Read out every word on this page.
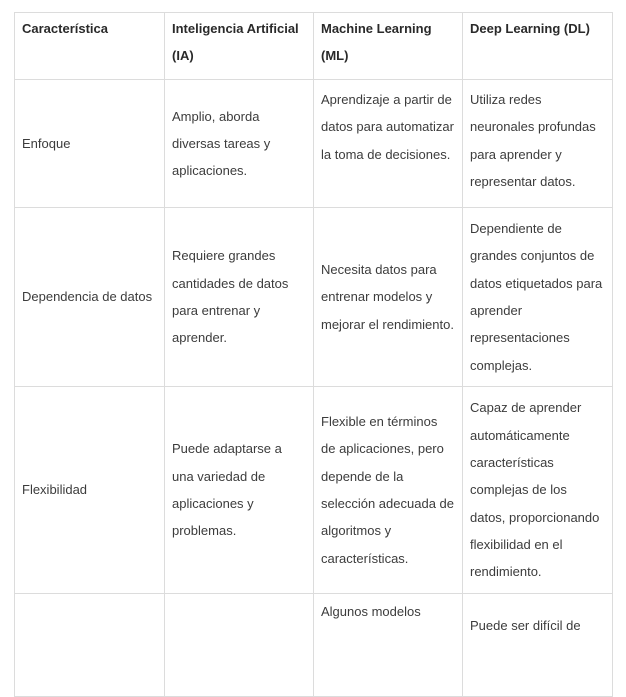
Característica	Inteligencia Artificial (IA)	Machine Learning (ML)	Deep Learning (DL)
Enfoque	Amplio, aborda diversas tareas y aplicaciones.	Aprendizaje a partir de datos para automatizar la toma de decisiones.	Utiliza redes neuronales profundas para aprender y representar datos.
Dependencia de datos	Requiere grandes cantidades de datos para entrenar y aprender.	Necesita datos para entrenar modelos y mejorar el rendimiento.	Dependiente de grandes conjuntos de datos etiquetados para aprender representaciones complejas.
Flexibilidad	Puede adaptarse a una variedad de aplicaciones y problemas.	Flexible en términos de aplicaciones, pero depende de la selección adecuada de algoritmos y características.	Capaz de aprender automáticamente características complejas de los datos, proporcionando flexibilidad en el rendimiento.
		Algunos modelos	Puede ser difícil de
